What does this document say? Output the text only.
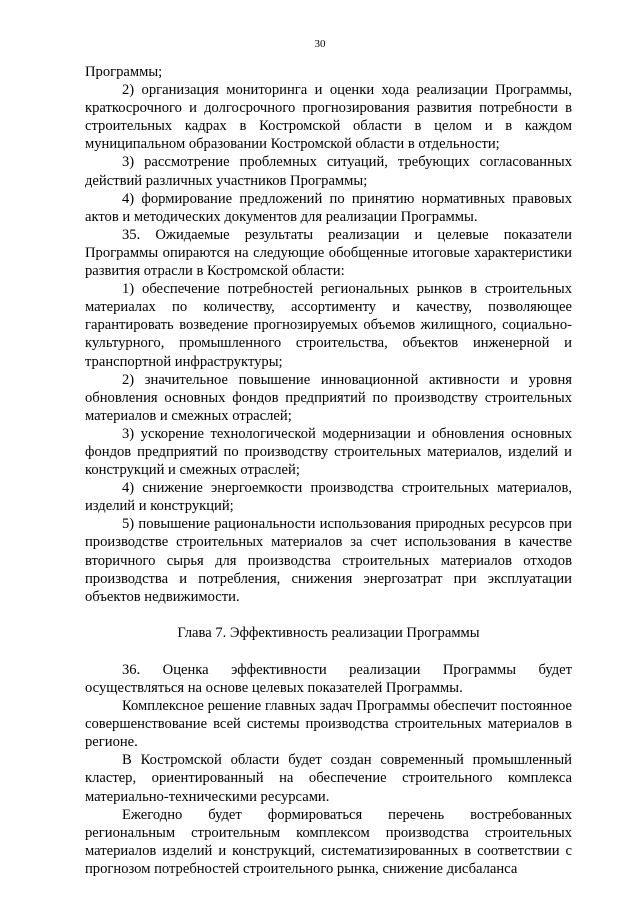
30

Программы;

2) организация мониторинга и оценки хода реализации Программы, краткосрочного и долгосрочного прогнозирования развития потребности в строительных кадрах в Костромской области в целом и в каждом муниципальном образовании Костромской области в отдельности;

3) рассмотрение проблемных ситуаций, требующих согласованных действий различных участников Программы;

4) формирование предложений по принятию нормативных правовых актов и методических документов для реализации Программы.

35. Ожидаемые результаты реализации и целевые показатели Программы опираются на следующие обобщенные итоговые характеристики развития отрасли в Костромской области:

1) обеспечение потребностей региональных рынков в строительных материалах по количеству, ассортименту и качеству, позволяющее гарантировать возведение прогнозируемых объемов жилищного, социально-культурного, промышленного строительства, объектов инженерной и транспортной инфраструктуры;

2) значительное повышение инновационной активности и уровня обновления основных фондов предприятий по производству строительных материалов и смежных отраслей;

3) ускорение технологической модернизации и обновления основных фондов предприятий по производству строительных материалов, изделий и конструкций и смежных отраслей;

4) снижение энергоемкости производства строительных материалов, изделий и конструкций;

5) повышение рациональности использования природных ресурсов при производстве строительных материалов за счет использования в качестве вторичного сырья для производства строительных материалов отходов производства и потребления, снижения энергозатрат при эксплуатации объектов недвижимости.

Глава 7. Эффективность реализации Программы

36. Оценка эффективности реализации Программы будет осуществляться на основе целевых показателей Программы.

Комплексное решение главных задач Программы обеспечит постоянное совершенствование всей системы производства строительных материалов в регионе.

В Костромской области будет создан современный промышленный кластер, ориентированный на обеспечение строительного комплекса материально-техническими ресурсами.

Ежегодно будет формироваться перечень востребованных региональным строительным комплексом производства строительных материалов изделий и конструкций, систематизированных в соответствии с прогнозом потребностей строительного рынка, снижение дисбаланса
